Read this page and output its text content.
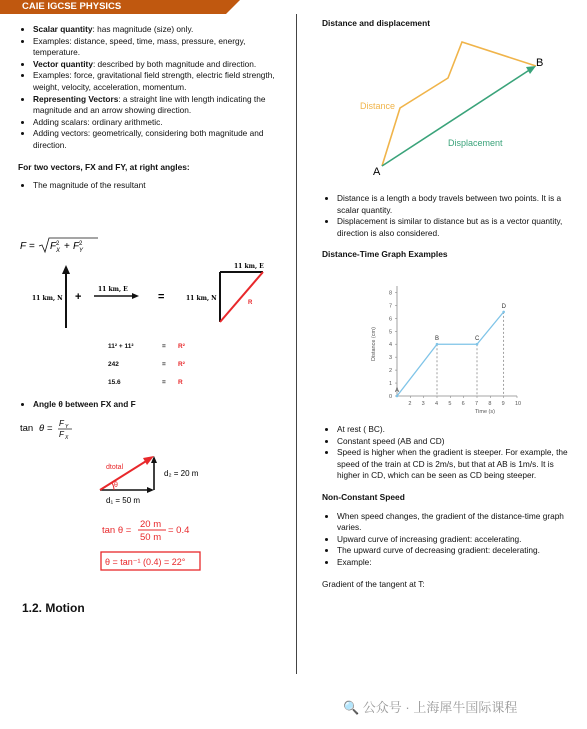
CAIE IGCSE PHYSICS
• Scalar quantity: has magnitude (size) only.
• Examples: distance, speed, time, mass, pressure, energy, temperature.
• Vector quantity: described by both magnitude and direction.
• Examples: force, gravitational field strength, electric field strength, weight, velocity, acceleration, momentum.
• Representing Vectors: a straight line with length indicating the magnitude and an arrow showing direction.
• Adding scalars: ordinary arithmetic.
• Adding vectors: geometrically, considering both magnitude and direction.
For two vectors, FX and FY, at right angles:
• The magnitude of the resultant
F = F 2
X + F 2
Y
11 km, N +
11 km, E
=	11 km, N
11 km, E
R
11² + 11²	= R²
242	= R²
15.6	= R
• Angle θ between FX and F
tan θ = F Y
F X
dtotal
θ
d₂ = 20 m
d₁ = 50 m
tan θ =
20 m
50 m
= 0.4
θ = tan⁻¹ (0.4) = 22°
1.2. Motion
Distance and displacement
A
B
Distance
Displacement
• Distance is a length a body travels between two points. It is a scalar quantity.
• Displacement is similar to distance but as is a vector quantity, direction is also considered.
Distance-Time Graph Examples
0
1
2
3
4
5
6
7
8
2 3 4 5 6 7 8 9 10
Distance (cm)
Time (s)
A
B	C
D
• At rest ( BC).
• Constant speed (AB and CD)
• Speed is higher when the gradient is steeper. For example, the speed of the train at CD is 2m/s, but that at AB is 1m/s. It is higher in CD, which can be seen as CD being steeper.
Non-Constant Speed
• When speed changes, the gradient of the distance-time graph varies.
• Upward curve of increasing gradient: accelerating.
• The upward curve of decreasing gradient: decelerating.
• Example:
Gradient of the tangent at T:
🔍 公众号 · 上海犀牛国际课程
